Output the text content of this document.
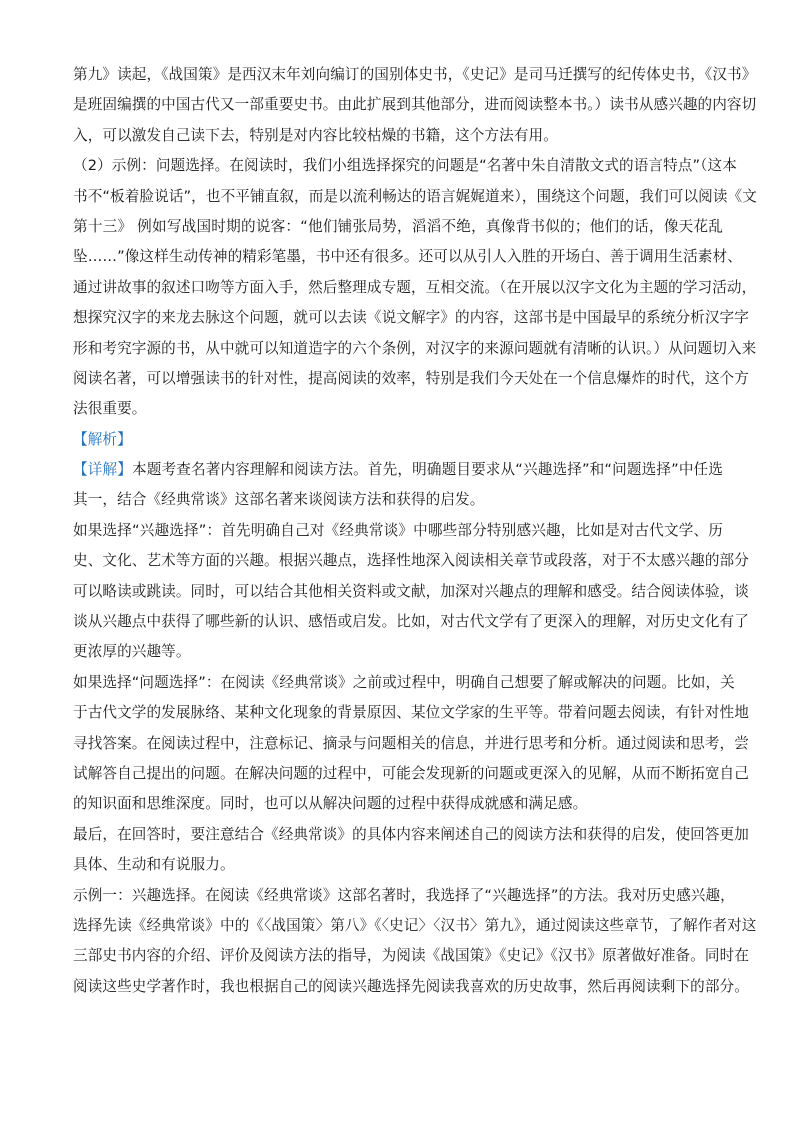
第九》读起，《战国策》是西汉末年刘向编订的国别体史书，《史记》是司马迁撰写的纪传体史书，《汉书》
是班固编撰的中国古代又一部重要史书。由此扩展到其他部分，进而阅读整本书。）读书从感兴趣的内容切
入，可以激发自己读下去，特别是对内容比较枯燥的书籍，这个方法有用。
（2）示例：问题选择。在阅读时，我们小组选择探究的问题是“名著中朱自清散文式的语言特点”（这本
书不“板着脸说话”，也不平铺直叙，而是以流利畅达的语言娓娓道来），围绕这个问题，我们可以阅读《文
第十三》 例如写战国时期的说客：“他们铺张局势，滔滔不绝，真像背书似的；他们的话，像天花乱
坠……”像这样生动传神的精彩笔墨，书中还有很多。还可以从引人入胜的开场白、善于调用生活素材、
通过讲故事的叙述口吻等方面入手，然后整理成专题，互相交流。（在开展以汉字文化为主题的学习活动，
想探究汉字的来龙去脉这个问题，就可以去读《说文解字》的内容，这部书是中国最早的系统分析汉字字
形和考究字源的书，从中就可以知道造字的六个条例，对汉字的来源问题就有清晰的认识。）从问题切入来
阅读名著，可以增强读书的针对性，提高阅读的效率，特别是我们今天处在一个信息爆炸的时代，这个方
法很重要。
【解析】
【详解】本题考查名著内容理解和阅读方法。首先，明确题目要求从“兴趣选择”和“问题选择”中任选
其一，结合《经典常谈》这部名著来谈阅读方法和获得的启发。
如果选择“兴趣选择”：首先明确自己对《经典常谈》中哪些部分特别感兴趣，比如是对古代文学、历
史、文化、艺术等方面的兴趣。根据兴趣点，选择性地深入阅读相关章节或段落，对于不太感兴趣的部分
可以略读或跳读。同时，可以结合其他相关资料或文献，加深对兴趣点的理解和感受。结合阅读体验，谈
谈从兴趣点中获得了哪些新的认识、感悟或启发。比如，对古代文学有了更深入的理解，对历史文化有了
更浓厚的兴趣等。
如果选择“问题选择”：在阅读《经典常谈》之前或过程中，明确自己想要了解或解决的问题。比如，关
于古代文学的发展脉络、某种文化现象的背景原因、某位文学家的生平等。带着问题去阅读，有针对性地
寻找答案。在阅读过程中，注意标记、摘录与问题相关的信息，并进行思考和分析。通过阅读和思考，尝
试解答自己提出的问题。在解决问题的过程中，可能会发现新的问题或更深入的见解，从而不断拓宽自己
的知识面和思维深度。同时，也可以从解决问题的过程中获得成就感和满足感。
最后，在回答时，要注意结合《经典常谈》的具体内容来阐述自己的阅读方法和获得的启发，使回答更加
具体、生动和有说服力。
示例一：兴趣选择。在阅读《经典常谈》这部名著时，我选择了“兴趣选择”的方法。我对历史感兴趣，
选择先读《经典常谈》中的《〈战国策〉第八》《〈史记〉〈汉书〉第九》，通过阅读这些章节，了解作者对这
三部史书内容的介绍、评价及阅读方法的指导，为阅读《战国策》《史记》《汉书》原著做好准备。同时在
阅读这些史学著作时，我也根据自己的阅读兴趣选择先阅读我喜欢的历史故事，然后再阅读剩下的部分。
